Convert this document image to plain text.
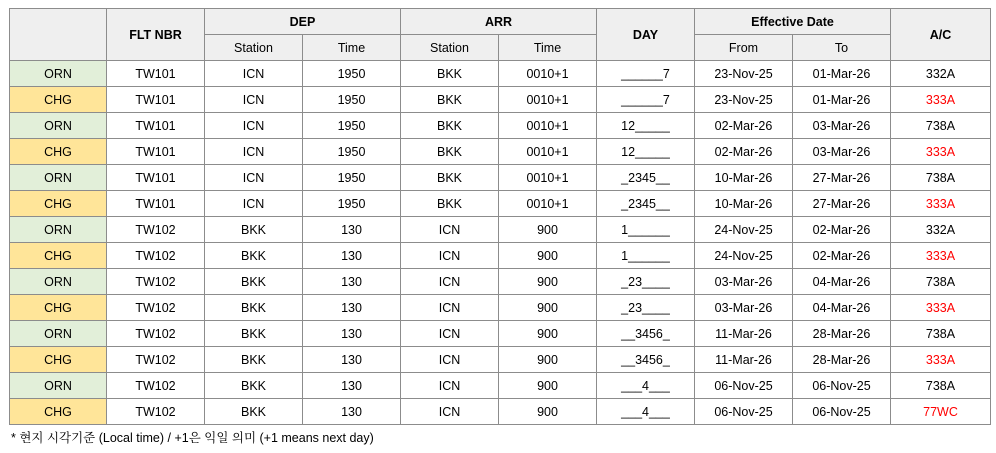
	FLT NBR	DEP		ARR		DAY	Effective Date		A/C
		Station	Time	Station	Time		From	To	
ORN	TW101	ICN	1950	BKK	0010+1	______7	23-Nov-25	01-Mar-26	332A
CHG	TW101	ICN	1950	BKK	0010+1	______7	23-Nov-25	01-Mar-26	333A
ORN	TW101	ICN	1950	BKK	0010+1	12_____	02-Mar-26	03-Mar-26	738A
CHG	TW101	ICN	1950	BKK	0010+1	12_____	02-Mar-26	03-Mar-26	333A
ORN	TW101	ICN	1950	BKK	0010+1	_2345__	10-Mar-26	27-Mar-26	738A
CHG	TW101	ICN	1950	BKK	0010+1	_2345__	10-Mar-26	27-Mar-26	333A
ORN	TW102	BKK	130	ICN	900	1______	24-Nov-25	02-Mar-26	332A
CHG	TW102	BKK	130	ICN	900	1______	24-Nov-25	02-Mar-26	333A
ORN	TW102	BKK	130	ICN	900	_23____	03-Mar-26	04-Mar-26	738A
CHG	TW102	BKK	130	ICN	900	_23____	03-Mar-26	04-Mar-26	333A
ORN	TW102	BKK	130	ICN	900	__3456_	11-Mar-26	28-Mar-26	738A
CHG	TW102	BKK	130	ICN	900	__3456_	11-Mar-26	28-Mar-26	333A
ORN	TW102	BKK	130	ICN	900	___4___	06-Nov-25	06-Nov-25	738A
CHG	TW102	BKK	130	ICN	900	___4___	06-Nov-25	06-Nov-25	77WC
* 현지 시각기준 (Local time) / +1은 익일 의미 (+1 means next day)
